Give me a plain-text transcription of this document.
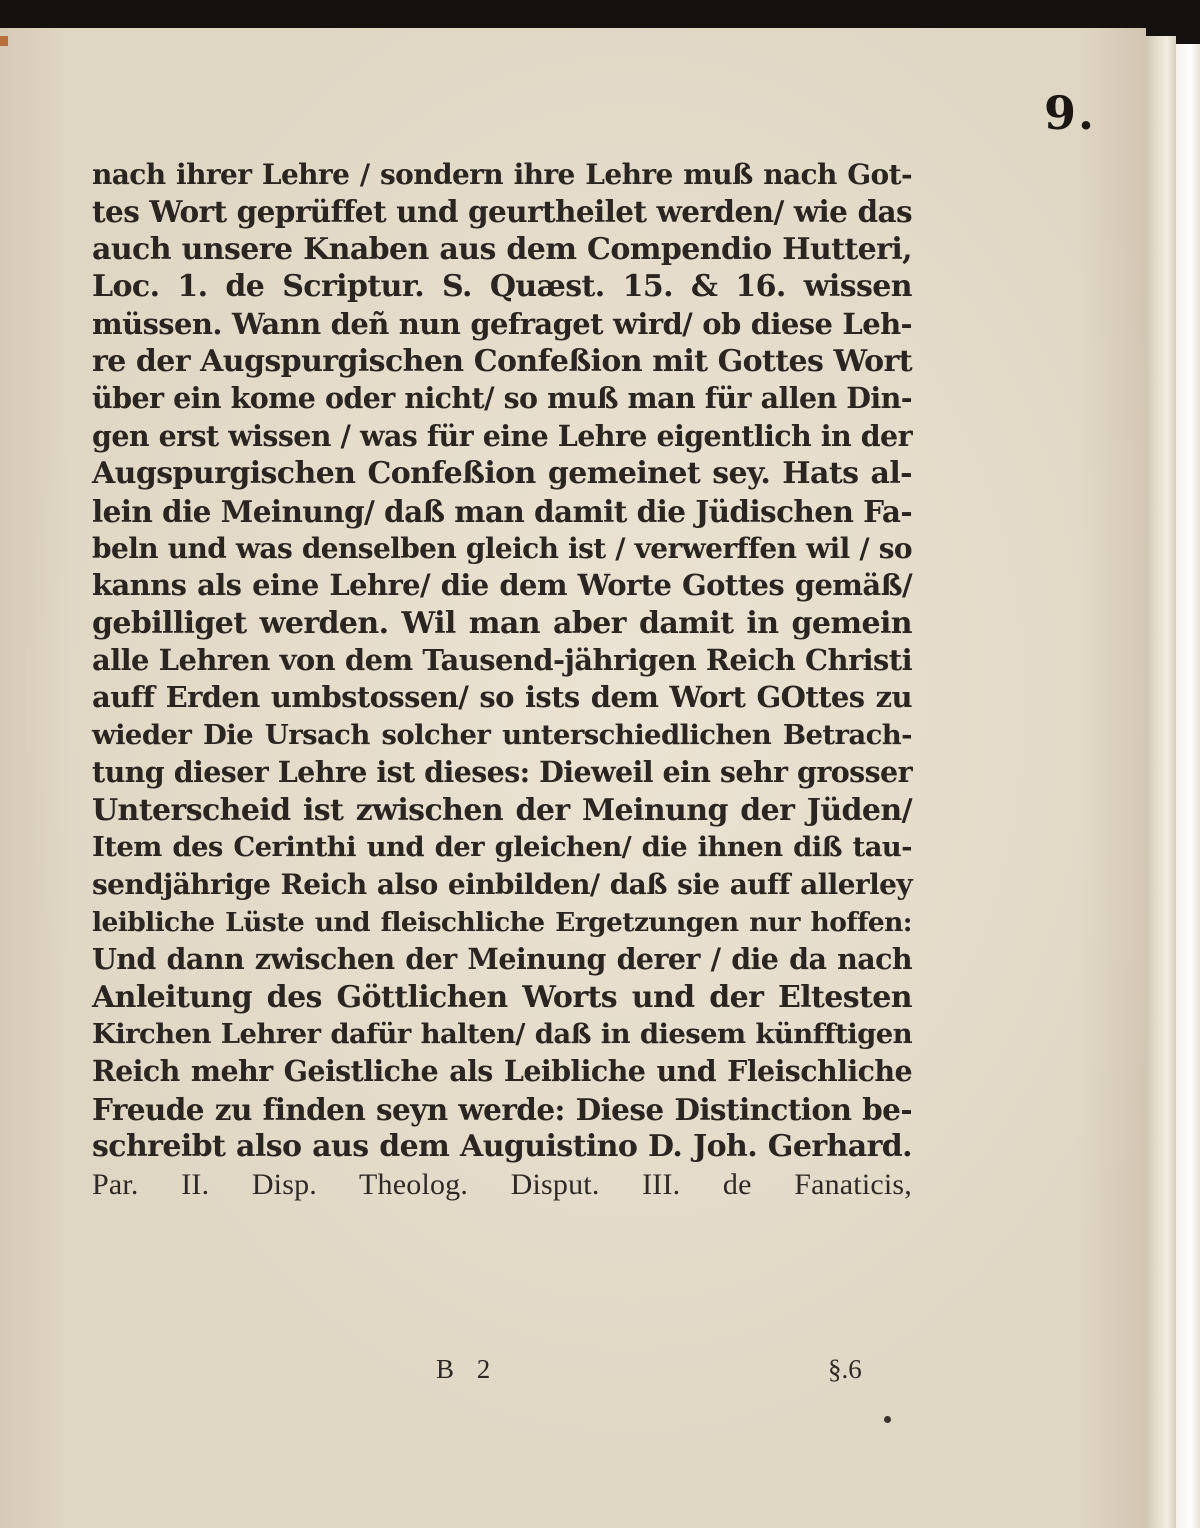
9.
nach ihrer Lehre / sondern ihre Lehre muß nach Got-
tes Wort geprüffet und geurtheilet werden/ wie das
auch unsere Knaben aus dem Compendio Hutteri,
Loc. 1. de Scriptur. S. Quæst. 15. & 16. wissen
müssen. Wann deñ nun gefraget wird/ ob diese Leh-
re der Augspurgischen Confeßion mit Gottes Wort
über ein kome oder nicht/ so muß man für allen Din-
gen erst wissen / was für eine Lehre eigentlich in der
Augspurgischen Confeßion gemeinet sey. Hats al-
lein die Meinung/ daß man damit die Jüdischen Fa-
beln und was denselben gleich ist / verwerffen wil / so
kanns als eine Lehre/ die dem Worte Gottes gemäß/
gebilliget werden. Wil man aber damit in gemein
alle Lehren von dem Tausend-jährigen Reich Christi
auff Erden umbstossen/ so ists dem Wort GOttes zu
wieder Die Ursach solcher unterschiedlichen Betrach-
tung dieser Lehre ist dieses: Dieweil ein sehr grosser
Unterscheid ist zwischen der Meinung der Jüden/
Item des Cerinthi und der gleichen/ die ihnen diß tau-
sendjährige Reich also einbilden/ daß sie auff allerley
leibliche Lüste und fleischliche Ergetzungen nur hoffen:
Und dann zwischen der Meinung derer / die da nach
Anleitung des Göttlichen Worts und der Eltesten
Kirchen Lehrer dafür halten/ daß in diesem künfftigen
Reich mehr Geistliche als Leibliche und Fleischliche
Freude zu finden seyn werde: Diese Distinction be-
schreibt also aus dem Auguistino D. Joh. Gerhard.
Par. II. Disp. Theolog. Disput. III. de Fanaticis,
B 2	§.6
